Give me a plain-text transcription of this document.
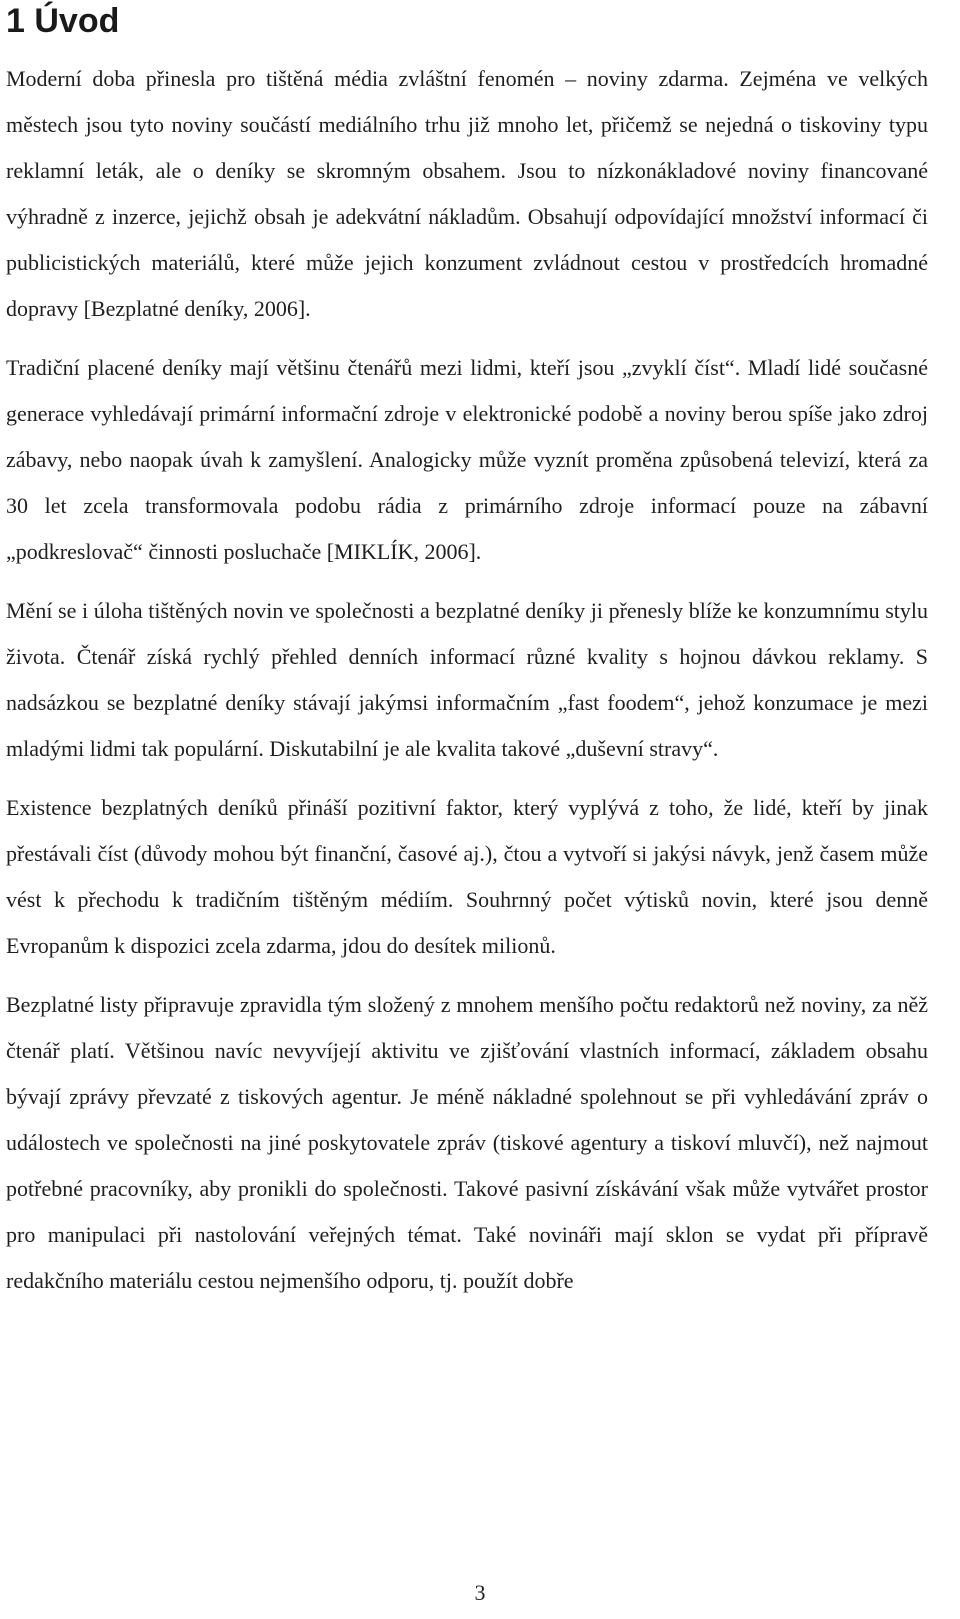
1 Úvod

Moderní doba přinesla pro tištěná média zvláštní fenomén – noviny zdarma. Zejména ve velkých městech jsou tyto noviny součástí mediálního trhu již mnoho let, přičemž se nejedná o tiskoviny typu reklamní leták, ale o deníky se skromným obsahem. Jsou to nízkonákladové noviny financované výhradně z inzerce, jejichž obsah je adekvátní nákladům. Obsahují odpovídající množství informací či publicistických materiálů, které může jejich konzument zvládnout cestou v prostředcích hromadné dopravy [Bezplatné deníky, 2006].

Tradiční placené deníky mají většinu čtenářů mezi lidmi, kteří jsou „zvyklí číst“. Mladí lidé současné generace vyhledávají primární informační zdroje v elektronické podobě a noviny berou spíše jako zdroj zábavy, nebo naopak úvah k zamyšlení. Analogicky může vyznít proměna způsobená televizí, která za 30 let zcela transformovala podobu rádia z primárního zdroje informací pouze na zábavní „podkreslovač“ činnosti posluchače [MIKLÍK, 2006].

Mění se i úloha tištěných novin ve společnosti a bezplatné deníky ji přenesly blíže ke konzumnímu stylu života. Čtenář získá rychlý přehled denních informací různé kvality s hojnou dávkou reklamy. S nadsázkou se bezplatné deníky stávají jakýmsi informačním „fast foodem“, jehož konzumace je mezi mladými lidmi tak populární. Diskutabilní je ale kvalita takové „duševní stravy“.

Existence bezplatných deníků přináší pozitivní faktor, který vyplývá z toho, že lidé, kteří by jinak přestávali číst (důvody mohou být finanční, časové aj.), čtou a vytvoří si jakýsi návyk, jenž časem může vést k přechodu k tradičním tištěným médiím. Souhrnný počet výtisků novin, které jsou denně Evropanům k dispozici zcela zdarma, jdou do desítek milionů.

Bezplatné listy připravuje zpravidla tým složený z mnohem menšího počtu redaktorů než noviny, za něž čtenář platí. Většinou navíc nevyvíjejí aktivitu ve zjišťování vlastních informací, základem obsahu bývají zprávy převzaté z tiskových agentur. Je méně nákladné spolehnout se při vyhledávání zpráv o událostech ve společnosti na jiné poskytovatele zpráv (tiskové agentury a tiskoví mluvčí), než najmout potřebné pracovníky, aby pronikli do společnosti. Takové pasivní získávání však může vytvářet prostor pro manipulaci při nastolování veřejných témat. Také novináři mají sklon se vydat při přípravě redakčního materiálu cestou nejmenšího odporu, tj. použít dobře

3
